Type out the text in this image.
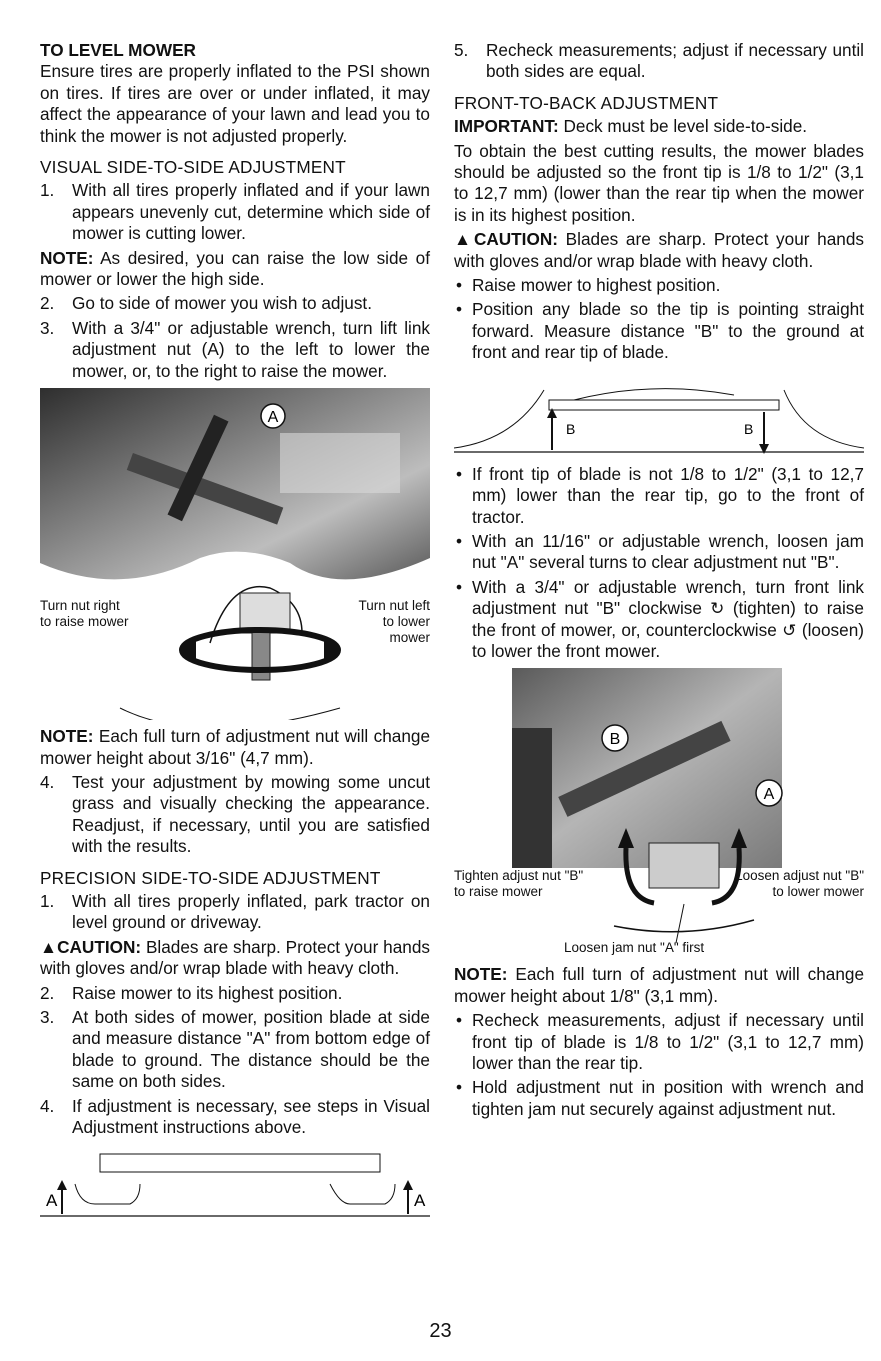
TO LEVEL MOWER

Ensure tires are properly inflated to the PSI shown on tires. If tires are over or under inflated, it may affect the appearance of your lawn and lead you to think the mower is not adjusted properly.

VISUAL SIDE-TO-SIDE ADJUSTMENT
1. With all tires properly inflated and if your lawn appears unevenly cut, determine which side of mower is cutting lower.

NOTE: As desired, you can raise the low side of mower or lower the high side.

2. Go to side of mower you wish to adjust.
3. With a 3/4" or adjustable wrench, turn lift link adjustment nut (A) to the left to lower the mower, or, to the right to raise the mower.
A
Turn nut right to raise mower
Turn nut left to lower mower

NOTE: Each full turn of adjustment nut will change mower height about 3/16" (4,7 mm).

4. Test your adjustment by mowing some uncut grass and visually checking the appearance. Readjust, if necessary, until you are satisfied with the results.
PRECISION SIDE-TO-SIDE ADJUSTMENT
1. With all tires properly inflated, park tractor on level ground or driveway.

▲CAUTION: Blades are sharp. Protect your hands with gloves and/or wrap blade with heavy cloth.

2. Raise mower to its highest position.
3. At both sides of mower, position blade at side and measure distance "A" from bottom edge of blade to ground. The distance should be the same on both sides.
4. If adjustment is necessary, see steps in Visual Adjustment instructions above.
A	A
5. Recheck measurements; adjust if necessary until both sides are equal.
FRONT-TO-BACK ADJUSTMENT

IMPORTANT: Deck must be level side-to-side.

To obtain the best cutting results, the mower blades should be adjusted so the front tip is 1/8 to 1/2" (3,1 to 12,7 mm) (lower than the rear tip when the mower is in its highest position.

▲CAUTION: Blades are sharp. Protect your hands with gloves and/or wrap blade with heavy cloth.

• Raise mower to highest position.
• Position any blade so the tip is pointing straight forward. Measure distance "B" to the ground at front and rear tip of blade.
B	B
• If front tip of blade is not 1/8 to 1/2" (3,1 to 12,7 mm) lower than the rear tip, go to the front of tractor.
• With an 11/16" or adjustable wrench, loosen jam nut "A" several turns to clear adjustment nut "B".
• With a 3/4" or adjustable wrench, turn front link adjustment nut "B" clockwise ↻ (tighten) to raise the front of mower, or, counterclockwise ↺ (loosen) to lower the front mower.
B
A
Tighten adjust nut "B" to raise mower
Loosen adjust nut "B" to lower mower
Loosen jam nut "A" first

NOTE: Each full turn of adjustment nut will change mower height about 1/8" (3,1 mm).

• Recheck measurements, adjust if necessary until front tip of blade is 1/8 to 1/2" (3,1 to 12,7 mm) lower than the rear tip.
• Hold adjustment nut in position with wrench and tighten jam nut securely against adjustment nut.
23
